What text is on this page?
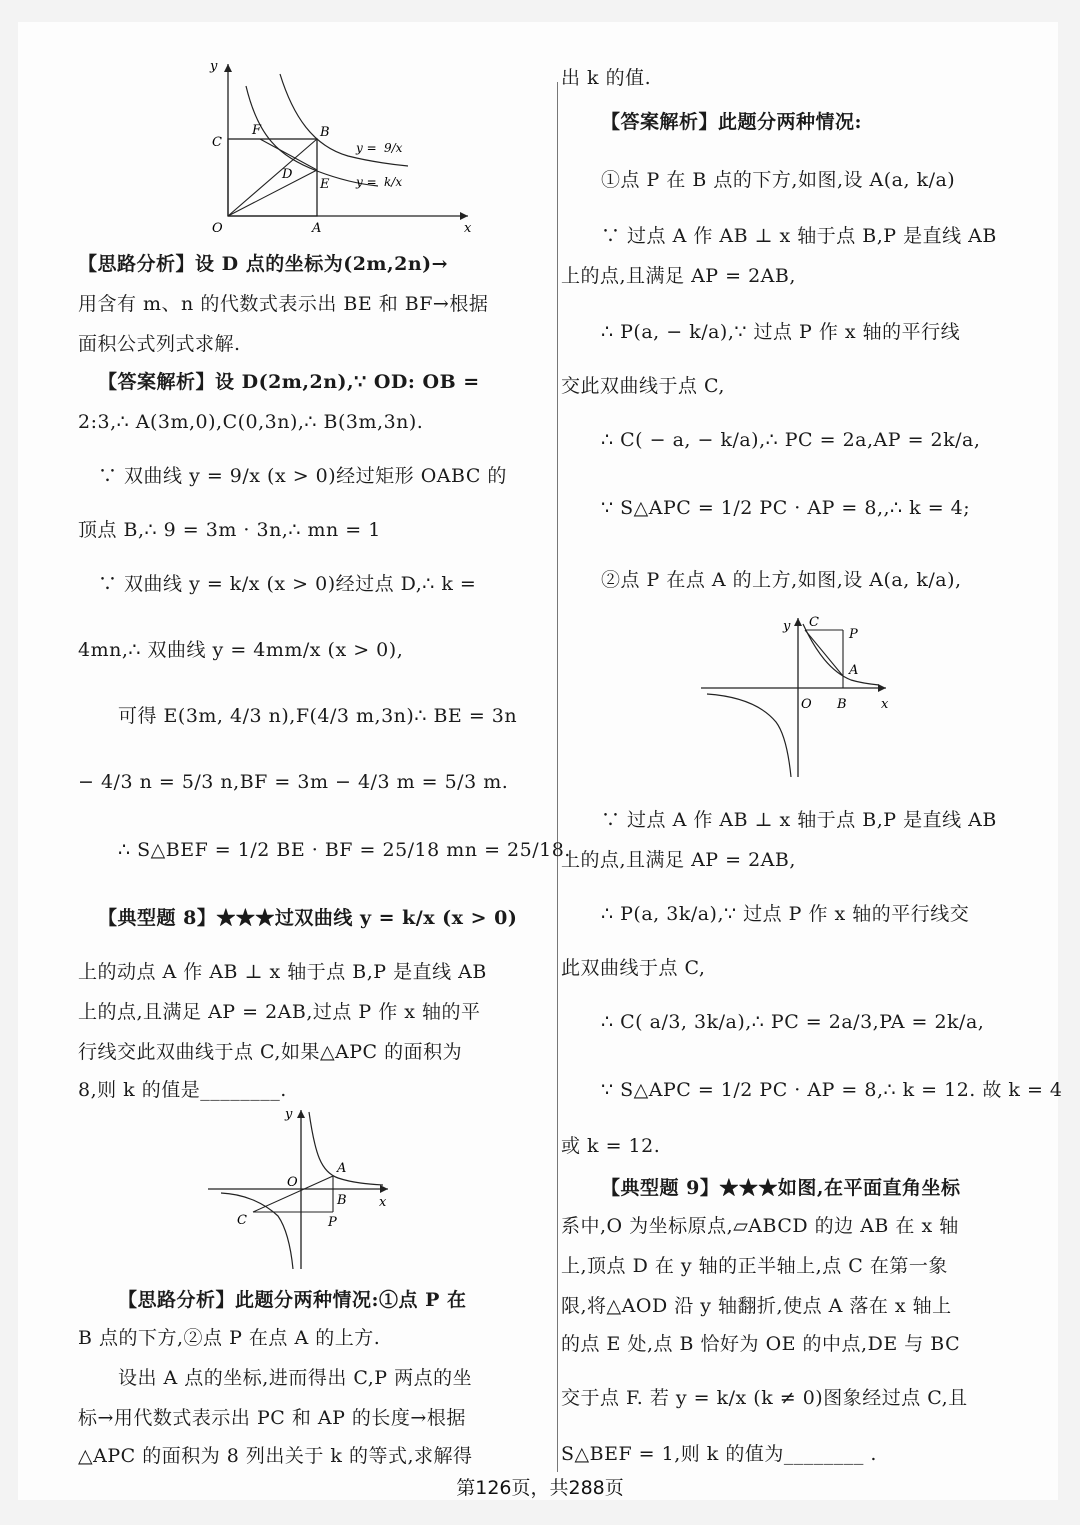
y
x
O	A
B
C
D
E
F
y = 9/x
y = k/x

【思路分析】设 D 点的坐标为(2m,2n)→

用含有 m、n 的代数式表示出 BE 和 BF→根据

面积公式列式求解.

【答案解析】设 D(2m,2n),∵ OD: OB =

2:3,∴ A(3m,0),C(0,3n),∴ B(3m,3n).

∵ 双曲线 y = 9/x (x > 0)经过矩形 OABC 的

顶点 B,∴ 9 = 3m · 3n,∴ mn = 1

∵ 双曲线 y = k/x (x > 0)经过点 D,∴ k =

4mn,∴ 双曲线 y = 4mm/x (x > 0),

可得 E(3m, 4/3 n),F(4/3 m,3n)∴ BE = 3n

− 4/3 n = 5/3 n,BF = 3m − 4/3 m = 5/3 m.

∴ S△BEF = 1/2 BE · BF = 25/18 mn = 25/18.

【典型题 8】★★★过双曲线 y = k/x (x > 0)

上的动点 A 作 AB ⊥ x 轴于点 B,P 是直线 AB

上的点,且满足 AP = 2AB,过点 P 作 x 轴的平

行线交此双曲线于点 C,如果△APC 的面积为

8,则 k 的值是________.

y
x
O
A
B
C	P

【思路分析】此题分两种情况:①点 P 在

B 点的下方,②点 P 在点 A 的上方.

设出 A 点的坐标,进而得出 C,P 两点的坐

标→用代数式表示出 PC 和 AP 的长度→根据

△APC 的面积为 8 列出关于 k 的等式,求解得

出 k 的值.

【答案解析】此题分两种情况:

①点 P 在 B 点的下方,如图,设 A(a, k/a)

∵ 过点 A 作 AB ⊥ x 轴于点 B,P 是直线 AB

上的点,且满足 AP = 2AB,

∴ P(a, − k/a),∵ 过点 P 作 x 轴的平行线

交此双曲线于点 C,

∴ C( − a, − k/a),∴ PC = 2a,AP = 2k/a,

∵ S△APC = 1/2 PC · AP = 8,,∴ k = 4;

②点 P 在点 A 的上方,如图,设 A(a, k/a),

y
x
O
A
B
C
P

∵ 过点 A 作 AB ⊥ x 轴于点 B,P 是直线 AB

上的点,且满足 AP = 2AB,

∴ P(a, 3k/a),∵ 过点 P 作 x 轴的平行线交

此双曲线于点 C,

∴ C( a/3, 3k/a),∴ PC = 2a/3,PA = 2k/a,

∵ S△APC = 1/2 PC · AP = 8,∴ k = 12. 故 k = 4

或 k = 12.

【典型题 9】★★★如图,在平面直角坐标

系中,O 为坐标原点,▱ABCD 的边 AB 在 x 轴

上,顶点 D 在 y 轴的正半轴上,点 C 在第一象

限,将△AOD 沿 y 轴翻折,使点 A 落在 x 轴上

的点 E 处,点 B 恰好为 OE 的中点,DE 与 BC

交于点 F. 若 y = k/x (k ≠ 0)图象经过点 C,且

S△BEF = 1,则 k 的值为________ .

第126页，共288页
